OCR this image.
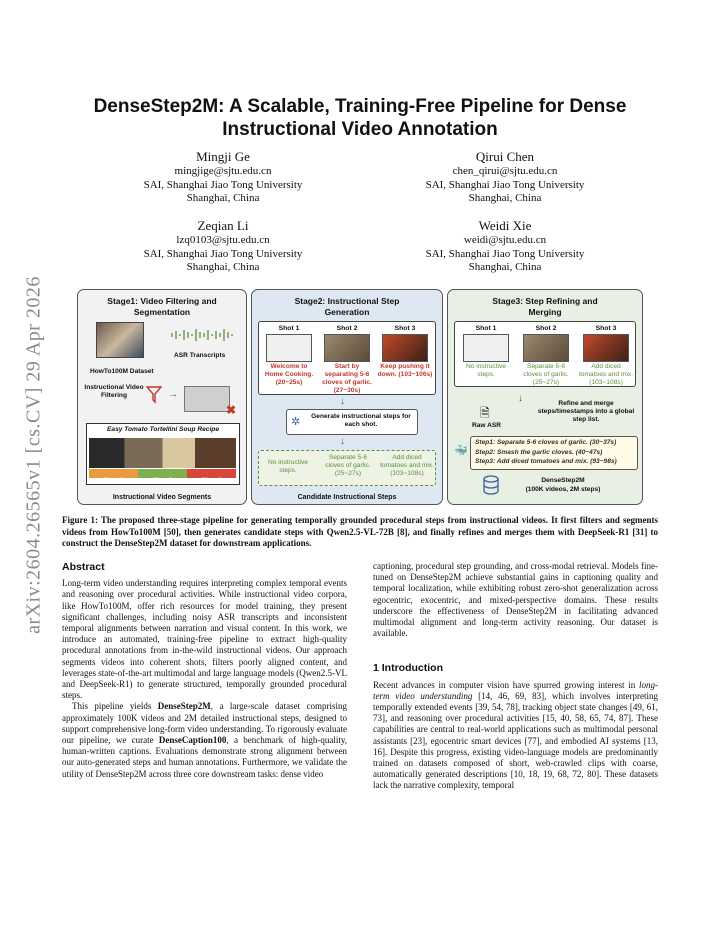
arXiv:2604.26565v1 [cs.CV] 29 Apr 2026
DenseStep2M: A Scalable, Training-Free Pipeline for Dense Instructional Video Annotation
Mingji Ge
mingjige@sjtu.edu.cn
SAI, Shanghai Jiao Tong University
Shanghai, China
Qirui Chen
chen_qirui@sjtu.edu.cn
SAI, Shanghai Jiao Tong University
Shanghai, China
Zeqian Li
lzq0103@sjtu.edu.cn
SAI, Shanghai Jiao Tong University
Shanghai, China
Weidi Xie
weidi@sjtu.edu.cn
SAI, Shanghai Jiao Tong University
Shanghai, China
Stage1: Video Filtering and Segmentation
ASR Transcripts
HowTo100M Dataset
Instructional Video Filtering	→
✖
Easy Tomato Tortellini Soup Recipe
Shot 1	Shot 2	Shot 3
Instructional Video Segments
Stage2: Instructional Step Generation
Shot 1
Welcome to Home Cooking. (20~25s)
Shot 2
Start by separating 5-6 cloves of garlic. (27~30s)
Shot 3
Keep pushing it down. (103~106s)
↓
✲	Generate instructional steps for each shot.
↓
No instructive steps.
Separate 5-6 cloves of garlic. (25~27s)
Add diced tomatoes and mix. (103~108s)
Candidate Instructional Steps
Stage3: Step Refining and Merging
Shot 1
No instructive steps.
Shot 2
Separate 5-6 cloves of garlic. (25~27s)
Shot 3
Add diced tomatoes and mix. (103~108s)
🗎
Raw ASR
↓	Refine and merge steps/timestamps into a global step list.
🐳
Step1: Separate 5-6 cloves of garlic. (30~37s)
Step2: Smash the garlic cloves. (40~47s)
Step3: Add diced tomatoes and mix. (93~98s)
DenseStep2M
(100K videos, 2M steps)
Figure 1: The proposed three-stage pipeline for generating temporally grounded procedural steps from instructional videos. It first filters and segments videos from HowTo100M [50], then generates candidate steps with Qwen2.5-VL-72B [8], and finally refines and merges them with DeepSeek-R1 [31] to construct the DenseStep2M dataset for downstream applications.
Abstract

Long-term video understanding requires interpreting complex temporal events and reasoning over procedural activities. While instructional video corpora, like HowTo100M, offer rich resources for model training, they present significant challenges, including noisy ASR transcripts and inconsistent temporal alignments between narration and visual content. In this work, we introduce an automated, training-free pipeline to extract high-quality procedural annotations from in-the-wild instructional videos. Our approach segments videos into coherent shots, filters poorly aligned content, and leverages state-of-the-art multimodal and large language models (Qwen2.5-VL and DeepSeek-R1) to generate structured, temporally grounded procedural steps.

This pipeline yields DenseStep2M, a large-scale dataset comprising approximately 100K videos and 2M detailed instructional steps, designed to support comprehensive long-form video understanding. To rigorously evaluate our pipeline, we curate DenseCaption100, a benchmark of high-quality, human-written captions. Evaluations demonstrate strong alignment between our auto-generated steps and human annotations. Furthermore, we validate the utility of DenseStep2M across three core downstream tasks: dense video

captioning, procedural step grounding, and cross-modal retrieval. Models fine-tuned on DenseStep2M achieve substantial gains in captioning quality and temporal localization, while exhibiting robust zero-shot generalization across egocentric, exocentric, and mixed-perspective domains. These results underscore the effectiveness of DenseStep2M in facilitating advanced multimodal alignment and long-term activity reasoning. Our dataset is available.

1 Introduction

Recent advances in computer vision have spurred growing interest in long-term video understanding [14, 46, 69, 83], which involves interpreting temporally extended events [39, 54, 78], tracking object state changes [49, 61, 73], and reasoning over procedural activities [15, 40, 58, 65, 74, 87]. These capabilities are central to real-world applications such as multimodal personal assistants [23], egocentric smart devices [77], and embodied AI systems [13, 16]. Despite this progress, existing video-language models are predominantly trained on datasets composed of short, web-crawled clips with coarse, automatically generated descriptions [10, 18, 19, 68, 72, 80]. These datasets lack the narrative complexity, temporal
